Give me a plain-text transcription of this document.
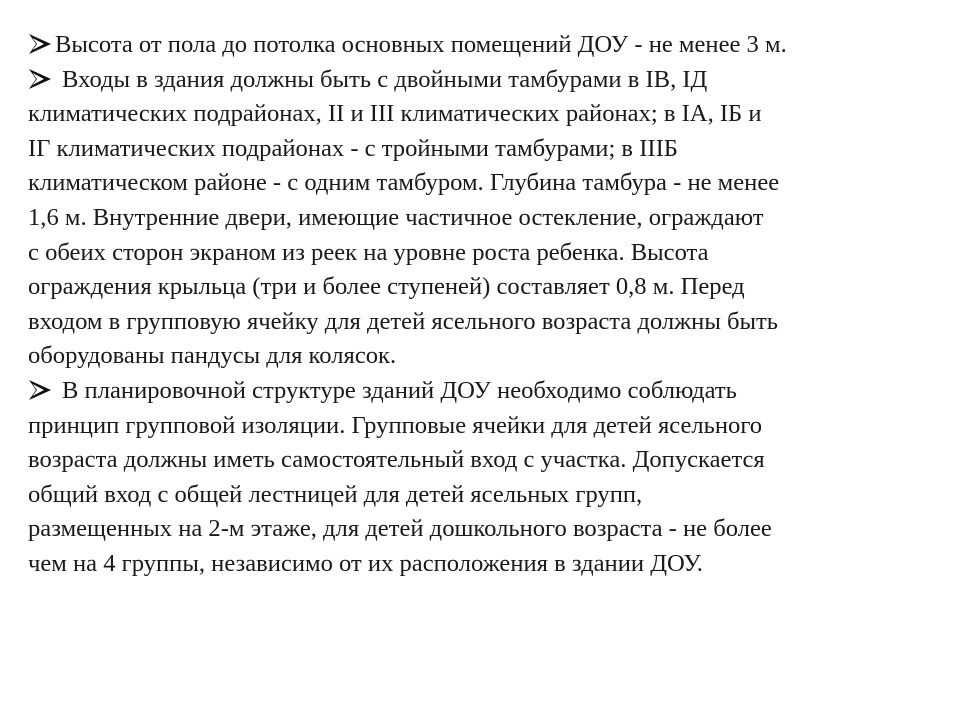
Высота от пола до потолка основных помещений ДОУ - не менее 3 м.
Входы в здания должны быть с двойными тамбурами в IВ, IД
климатических подрайонах, II и III климатических районах; в IА, IБ и
IГ климатических подрайонах - с тройными тамбурами; в IIIБ
климатическом районе - с одним тамбуром. Глубина тамбура - не менее
1,6 м. Внутренние двери, имеющие частичное остекление, ограждают
с обеих сторон экраном из реек на уровне роста ребенка. Высота
ограждения крыльца (три и более ступеней) составляет 0,8 м. Перед
входом в групповую ячейку для детей ясельного возраста должны быть
оборудованы пандусы для колясок.
В планировочной структуре зданий ДОУ необходимо соблюдать
принцип групповой изоляции. Групповые ячейки для детей ясельного
возраста должны иметь самостоятельный вход с участка. Допускается
общий вход с общей лестницей для детей ясельных групп,
размещенных на 2-м этаже, для детей дошкольного возраста - не более
чем на 4 группы, независимо от их расположения в здании ДОУ.
